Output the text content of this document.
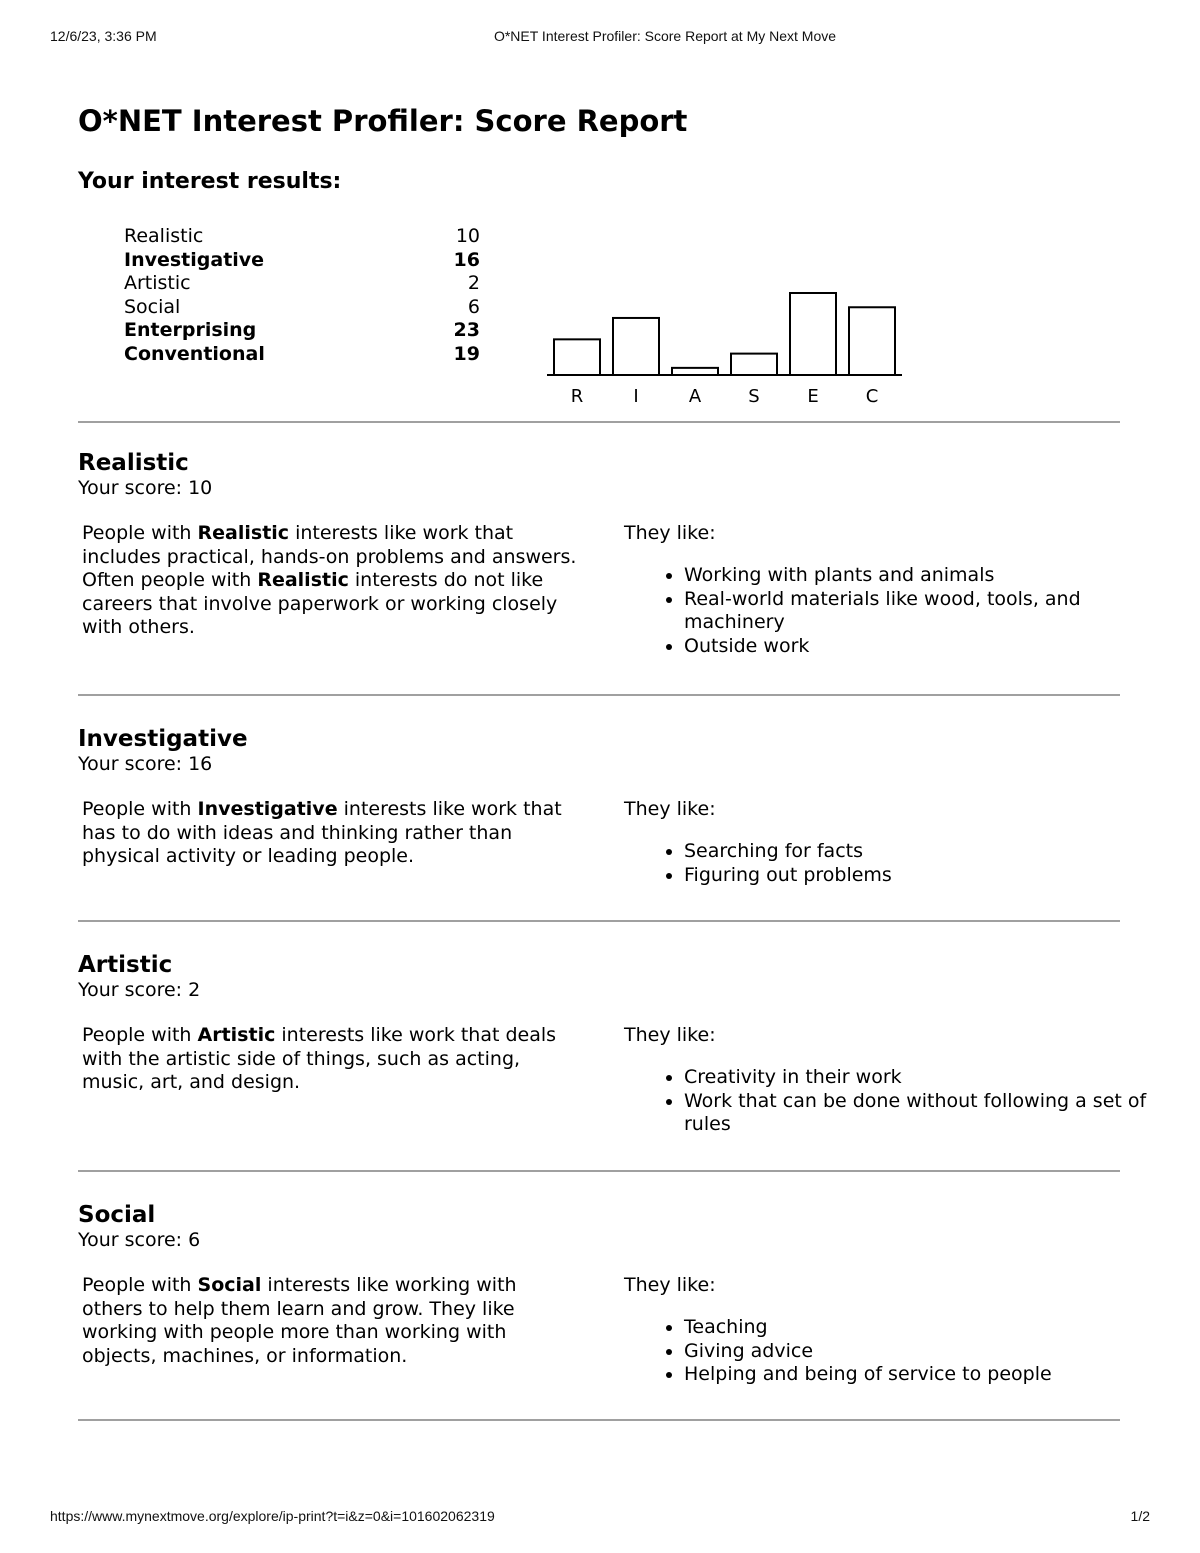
12/6/23, 3:36 PM	O*NET Interest Profiler: Score Report at My Next Move
O*NET Interest Profiler: Score Report
Your interest results:
Realistic	10
Investigative	16
Artistic	2
Social	6
Enterprising	23
Conventional	19
R	I	A	S	E	C
Realistic
Your score: 10

People with Realistic interests like work that includes practical, hands-on problems and answers. Often people with Realistic interests do not like careers that involve paperwork or working closely with others.

They like:
• Working with plants and animals
• Real-world materials like wood, tools, and machinery
• Outside work
Investigative
Your score: 16

People with Investigative interests like work that has to do with ideas and thinking rather than physical activity or leading people.

They like:
• Searching for facts
• Figuring out problems
Artistic
Your score: 2

People with Artistic interests like work that deals with the artistic side of things, such as acting, music, art, and design.

They like:
• Creativity in their work
• Work that can be done without following a set of rules
Social
Your score: 6

People with Social interests like working with others to help them learn and grow. They like working with people more than working with objects, machines, or information.

They like:
• Teaching
• Giving advice
• Helping and being of service to people
https://www.mynextmove.org/explore/ip-print?t=i&z=0&i=101602062319	1/2
